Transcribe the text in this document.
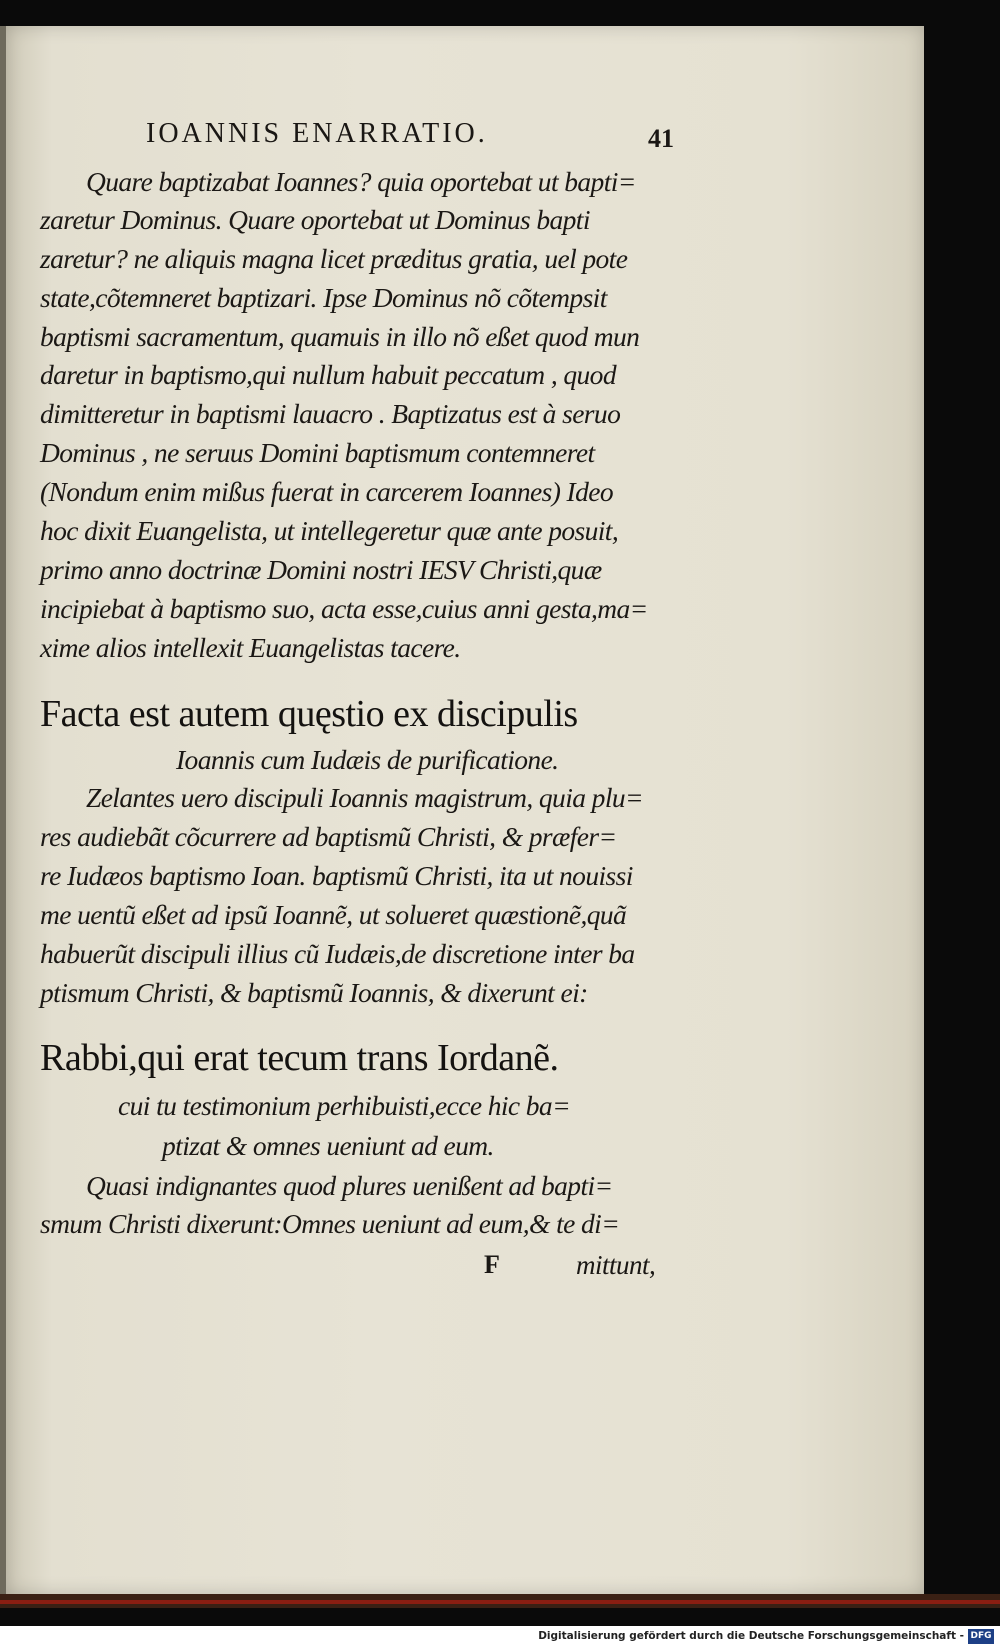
IOANNIS ENARRATIO.	41
Quare baptizabat Ioannes? quia oportebat ut bapti=
zaretur Dominus. Quare oportebat ut Dominus bapti
zaretur? ne aliquis magna licet præditus gratia, uel pote
state,cõtemneret baptizari. Ipse Dominus nõ cõtempsit
baptismi sacramentum, quamuis in illo nõ eßet quod mun
daretur in baptismo,qui nullum habuit peccatum , quod
dimitteretur in baptismi lauacro . Baptizatus est à seruo
Dominus , ne seruus Domini baptismum contemneret
(Nondum enim mißus fuerat in carcerem Ioannes) Ideo
hoc dixit Euangelista, ut intellegeretur quæ ante posuit,
primo anno doctrinæ Domini nostri IESV Christi,quæ
incipiebat à baptismo suo, acta esse,cuius anni gesta,ma=
xime alios intellexit Euangelistas tacere.
Facta est autem quęstio ex discipulis
Ioannis cum Iudæis de purificatione.
Zelantes uero discipuli Ioannis magistrum, quia plu=
res audiebãt cõcurrere ad baptismũ Christi, & præfer=
re Iudæos baptismo Ioan. baptismũ Christi, ita ut nouissi
me uentũ eßet ad ipsũ Ioannẽ, ut solueret quæstionẽ,quã
habuerũt discipuli illius cũ Iudæis,de discretione inter ba
ptismum Christi, & baptismũ Ioannis, & dixerunt ei:
Rabbi,qui erat tecum trans Iordanẽ.
cui tu testimonium perhibuisti,ecce hic ba=
ptizat & omnes ueniunt ad eum.
Quasi indignantes quod plures uenißent ad bapti=
smum Christi dixerunt:Omnes ueniunt ad eum,& te di=
F	mittunt,
Digitalisierung gefördert durch die Deutsche Forschungsgemeinschaft - DFG
